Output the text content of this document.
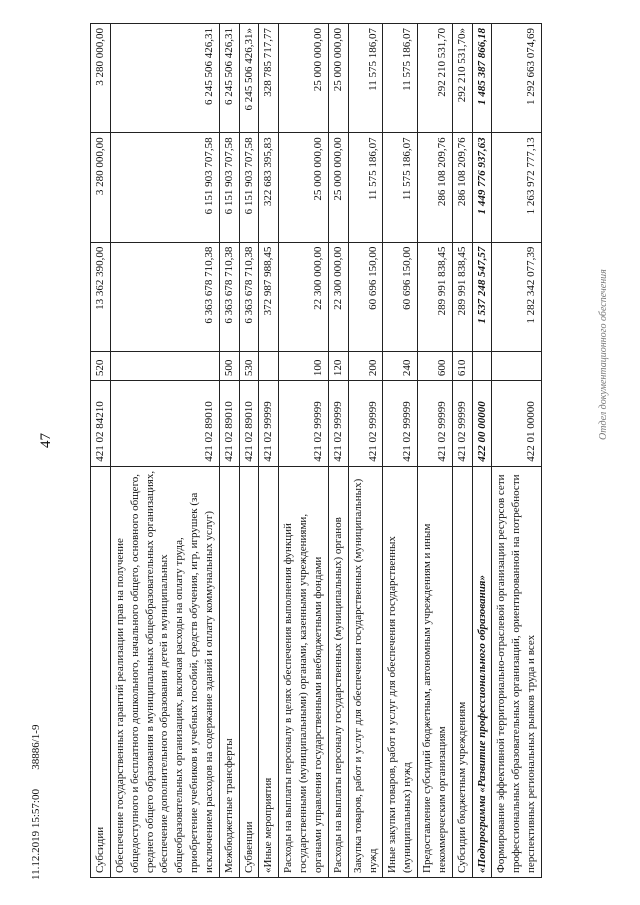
47
11.12.2019 15:57:00       38886/1-9
Отдел документационного обеспечения
Субсидии	421 02 84210	520	13 362 390,00	3 280 000,00	3 280 000,00
Обеспечение государственных гарантий реализации прав на получение общедоступного и бесплатного дошкольного, начального общего, основного общего, среднего общего образования в муниципальных общеобразовательных организациях, обеспечение дополнительного образования детей в муниципальных общеобразовательных организациях, включая расходы на оплату труда, приобретение учебников и учебных пособий, средств обучения, игр, игрушек (за исключением расходов на содержание зданий и оплату коммунальных услуг)	421 02 89010		6 363 678 710,38	6 151 903 707,58	6 245 506 426,31
Межбюджетные трансферты	421 02 89010	500	6 363 678 710,38	6 151 903 707,58	6 245 506 426,31
Субвенции	421 02 89010	530	6 363 678 710,38	6 151 903 707,58	6 245 506 426,31»
«Иные мероприятия	421 02 99999		372 987 988,45	322 683 395,83	328 785 717,77
Расходы на выплаты персоналу в целях обеспечения выполнения функций государственными (муниципальными) органами, казенными учреждениями, органами управления государственными внебюджетными фондами	421 02 99999	100	22 300 000,00	25 000 000,00	25 000 000,00
Расходы на выплаты персоналу государственных (муниципальных) органов	421 02 99999	120	22 300 000,00	25 000 000,00	25 000 000,00
Закупка товаров, работ и услуг для обеспечения государственных (муниципальных) нужд	421 02 99999	200	60 696 150,00	11 575 186,07	11 575 186,07
Иные закупки товаров, работ и услуг для обеспечения государственных (муниципальных) нужд	421 02 99999	240	60 696 150,00	11 575 186,07	11 575 186,07
Предоставление субсидий бюджетным, автономным учреждениям и иным некоммерческим организациям	421 02 99999	600	289 991 838,45	286 108 209,76	292 210 531,70
Субсидии бюджетным учреждениям	421 02 99999	610	289 991 838,45	286 108 209,76	292 210 531,70»
«Подпрограмма «Развитие профессионального образования»	422 00 00000		1 537 248 547,57	1 449 776 937,63	1 485 387 866,18
Формирование эффективной территориально-отраслевой организации ресурсов сети профессиональных образовательных организаций, ориентированной на потребности перспективных региональных рынков труда и всех	422 01 00000		1 282 342 077,39	1 263 972 777,13	1 292 663 074,69
